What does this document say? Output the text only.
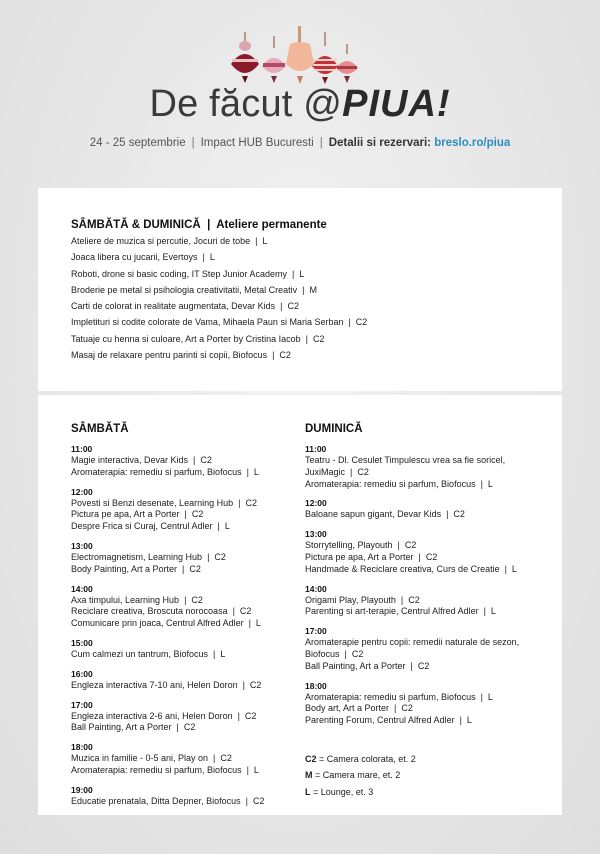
De făcut @PIUA!
24 - 25 septembrie | Impact HUB Bucuresti | Detalii si rezervari: breslo.ro/piua
SÂMBĂTĂ & DUMINICĂ  |  Ateliere permanente
Ateliere de muzica si percutie, Jocuri de tobe  |  L
Joaca libera cu jucarii, Evertoys  |  L
Roboti, drone si basic coding, IT Step Junior Academy  |  L
Broderie pe metal si psihologia creativitatii, Metal Creativ  |  M
Carti de colorat in realitate augmentata, Devar Kids  |  C2
Impletituri si codite colorate de Vama, Mihaela Paun si Maria Serban  |  C2
Tatuaje cu henna si culoare, Art a Porter by Cristina Iacob  |  C2
Masaj de relaxare pentru parinti si copii, Biofocus  |  C2
SÂMBĂTĂ
11:00
Magie interactiva, Devar Kids  |  C2
Aromaterapia: remediu si parfum, Biofocus  |  L
12:00
Povesti si Benzi desenate, Learning Hub  |  C2
Pictura pe apa, Art a Porter  |  C2
Despre Frica si Curaj, Centrul Adler  |  L
13:00
Electromagnetism, Learning Hub  |  C2
Body Painting, Art a Porter  |  C2
14:00
Axa timpului, Learning Hub  |  C2
Reciclare creativa, Broscuta norocoasa  |  C2
Comunicare prin joaca, Centrul Alfred Adler  |  L
15:00
Cum calmezi un tantrum, Biofocus  |  L
16:00
Engleza interactiva 7-10 ani, Helen Doron  |  C2
17:00
Engleza interactiva 2-6 ani, Helen Doron  |  C2
Ball Painting, Art a Porter  |  C2
18:00
Muzica in familie - 0-5 ani, Play on  |  C2
Aromaterapia: remediu si parfum, Biofocus  |  L
19:00
Educatie prenatala, Ditta Depner, Biofocus  |  C2
DUMINICĂ
11:00
Teatru - Dl. Cesulet Timpulescu vrea sa fie soricel,
JuxiMagic  |  C2
Aromaterapia: remediu si parfum, Biofocus  |  L
12:00
Baloane sapun gigant, Devar Kids  |  C2
13:00
Storrytelling, Playouth  |  C2
Pictura pe apa, Art a Porter  |  C2
Handmade & Reciclare creativa, Curs de Creatie  |  L
14:00
Origami Play, Playouth  |  C2
Parenting si art-terapie, Centrul Alfred Adler  |  L
17:00
Aromaterapie pentru copii: remedii naturale de sezon,
Biofocus  |  C2
Ball Painting, Art a Porter  |  C2
18:00
Aromaterapia: remediu si parfum, Biofocus  |  L
Body art, Art a Porter  |  C2
Parenting Forum, Centrul Alfred Adler  |  L
C2 = Camera colorata, et. 2
M = Camera mare, et. 2
L = Lounge, et. 3
